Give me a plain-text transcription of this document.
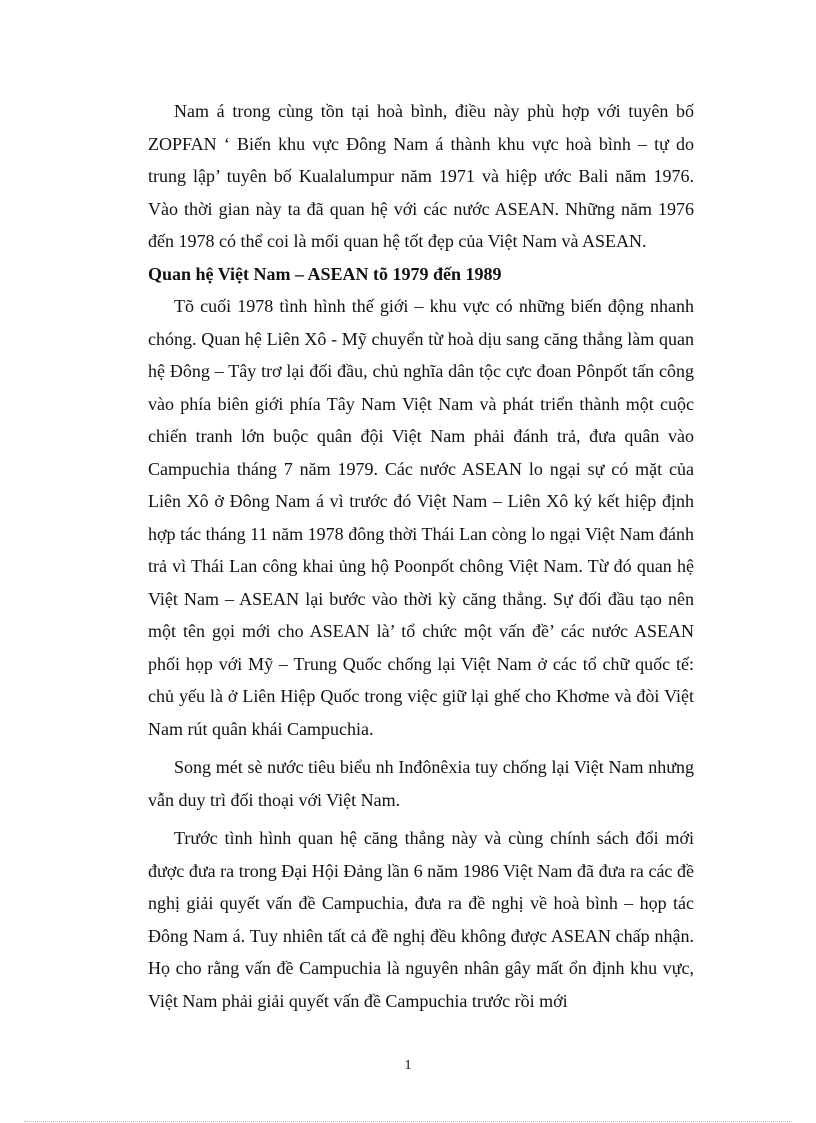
Nam á trong cùng tồn tại hoà bình, điều này phù hợp với tuyên bố ZOPFAN ‘ Biến khu vực Đông Nam á thành khu vực hoà bình – tự do trung lập’ tuyên bố Kualalumpur năm 1971 và hiệp ước Bali năm 1976. Vào thời gian này ta đã quan hệ với các nước ASEAN. Những năm 1976 đến 1978 có thể coi là mối quan hệ tốt đẹp của Việt Nam và ASEAN.

Quan hệ Việt Nam – ASEAN tõ 1979 đến 1989

Tõ cuối 1978 tình hình thế giới – khu vực có những biến động nhanh chóng. Quan hệ Liên Xô - Mỹ chuyển từ hoà dịu sang căng thẳng làm quan hệ Đông – Tây trơ lại đối đầu, chủ nghĩa dân tộc cực đoan Pônpốt tấn công vào phía biên giới phía Tây Nam Việt Nam và phát triển thành một cuộc chiến tranh lớn buộc quân đội Việt Nam phải đánh trả, đưa quân vào Campuchia tháng 7 năm 1979. Các nước ASEAN lo ngại sự có mặt của Liên Xô ở Đông Nam á vì trước đó Việt Nam – Liên Xô ký kết hiệp định hợp tác tháng 11 năm 1978 đông thời Thái Lan còng lo ngại Việt Nam đánh trả vì Thái Lan công khai ủng hộ Poonpốt chông Việt Nam. Từ đó quan hệ Việt Nam – ASEAN lại bước vào thời kỳ căng thẳng. Sự đối đầu tạo nên một tên gọi mới cho ASEAN là’ tổ chức một vấn đề’ các nước ASEAN phối họp với Mỹ – Trung Quốc chống lại Việt Nam ở các tổ chữ quốc tế: chủ yếu là ở Liên Hiệp Quốc trong việc giữ lại ghế cho Khơme và đòi Việt Nam rút quân khái Campuchia.

Song mét sè nước tiêu biểu nh Inđônêxia tuy chống lại Việt Nam nhưng vẫn duy trì đối thoại với Việt Nam.

Trước tình hình quan hệ căng thẳng này và cùng chính sách đổi mới được đưa ra trong Đại Hội Đảng lần 6 năm 1986 Việt Nam đã đưa ra các đề nghị giải quyết vấn đề Campuchia, đưa ra đề nghị về hoà bình – họp tác Đông Nam á. Tuy nhiên tất cả đề nghị đều không được ASEAN chấp nhận. Họ cho rằng vấn đề Campuchia là nguyên nhân gây mất ổn định khu vực, Việt Nam phải giải quyết vấn đề Campuchia trước rồi mới

1
